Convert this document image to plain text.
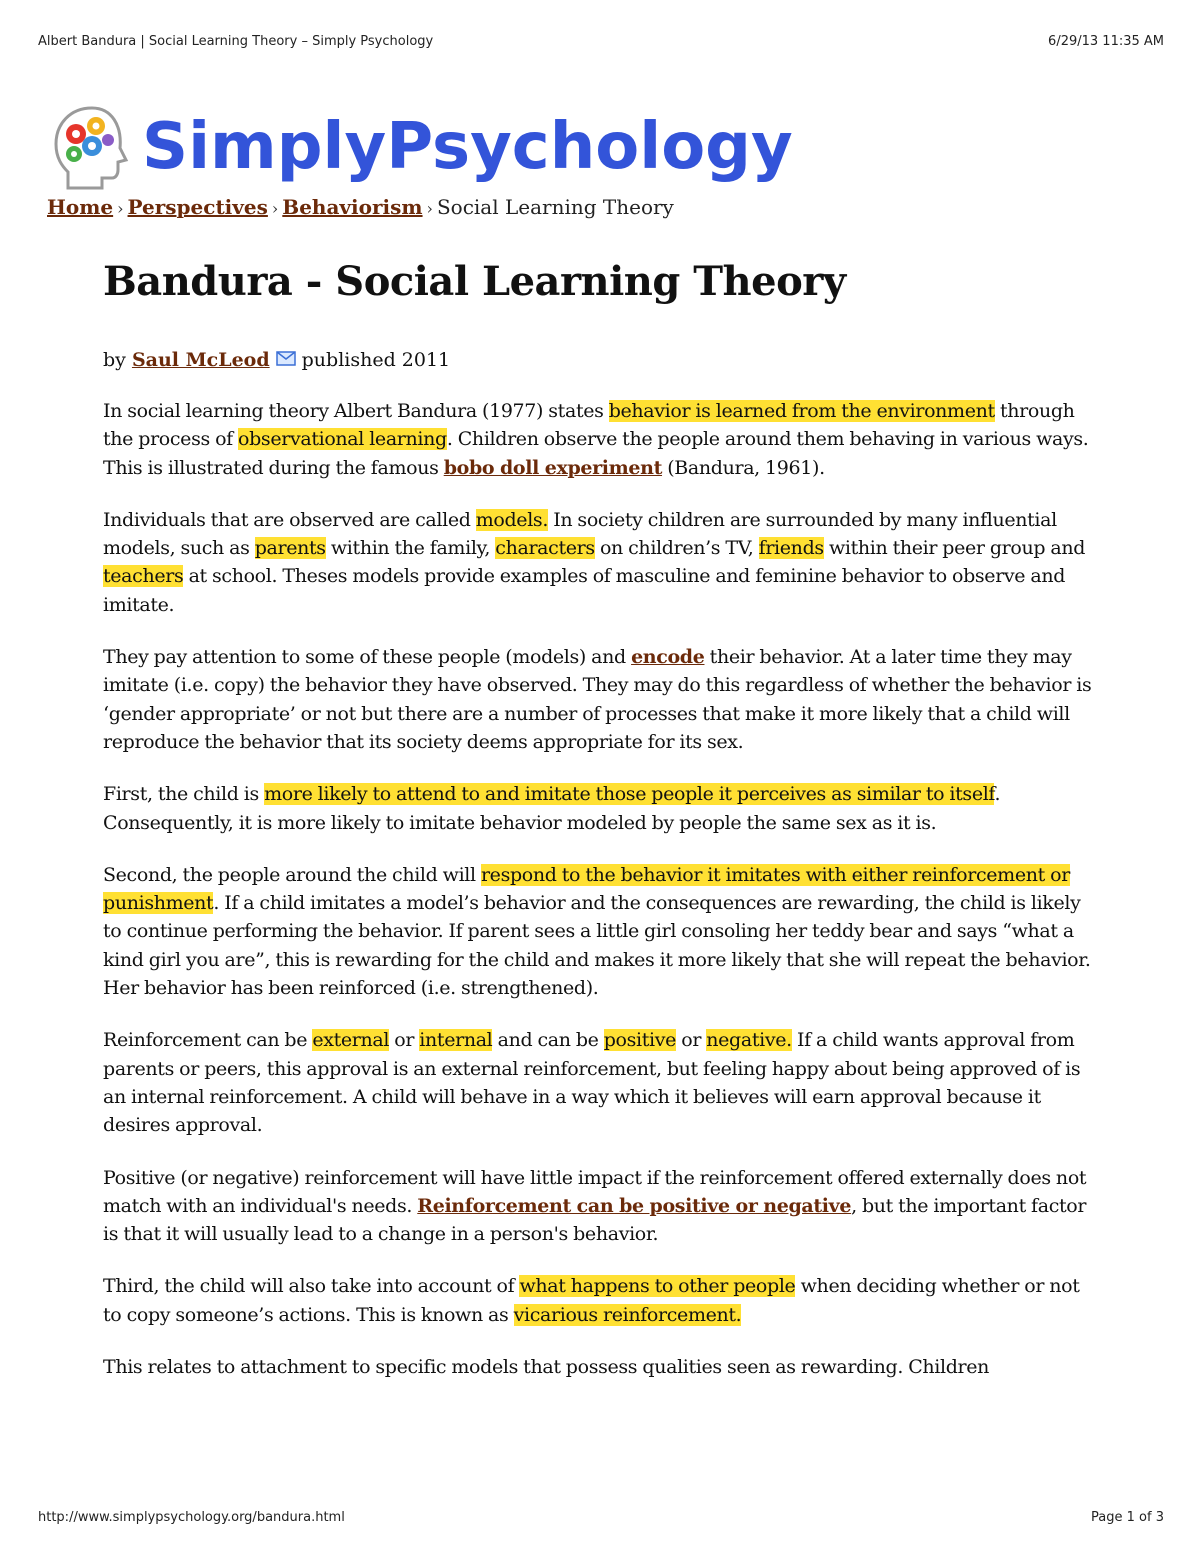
Albert Bandura | Social Learning Theory – Simply Psychology	6/29/13 11:35 AM
SimplyPsychology
Home › Perspectives › Behaviorism › Social Learning Theory
Bandura - Social Learning Theory
by
Saul McLeod published 2011

In social learning theory Albert Bandura (1977) states behavior is learned from the environment through the process of observational learning. Children observe the people around them behaving in various ways. This is illustrated during the famous bobo doll experiment (Bandura, 1961).

Individuals that are observed are called models. In society children are surrounded by many influential models, such as parents within the family, characters on children’s TV, friends within their peer group and teachers at school. Theses models provide examples of masculine and feminine behavior to observe and imitate.

They pay attention to some of these people (models) and encode their behavior. At a later time they may imitate (i.e. copy) the behavior they have observed. They may do this regardless of whether the behavior is ‘gender appropriate’ or not but there are a number of processes that make it more likely that a child will reproduce the behavior that its society deems appropriate for its sex.

First, the child is more likely to attend to and imitate those people it perceives as similar to itself. Consequently, it is more likely to imitate behavior modeled by people the same sex as it is.

Second, the people around the child will respond to the behavior it imitates with either reinforcement or punishment. If a child imitates a model’s behavior and the consequences are rewarding, the child is likely to continue performing the behavior. If parent sees a little girl consoling her teddy bear and says “what a kind girl you are”, this is rewarding for the child and makes it more likely that she will repeat the behavior. Her behavior has been reinforced (i.e. strengthened).

Reinforcement can be external or internal and can be positive or negative. If a child wants approval from parents or peers, this approval is an external reinforcement, but feeling happy about being approved of is an internal reinforcement. A child will behave in a way which it believes will earn approval because it desires approval.

Positive (or negative) reinforcement will have little impact if the reinforcement offered externally does not match with an individual's needs. Reinforcement can be positive or negative, but the important factor is that it will usually lead to a change in a person's behavior.

Third, the child will also take into account of what happens to other people when deciding whether or not to copy someone’s actions. This is known as vicarious reinforcement.

This relates to attachment to specific models that possess qualities seen as rewarding. Children

http://www.simplypsychology.org/bandura.html	Page 1 of 3
